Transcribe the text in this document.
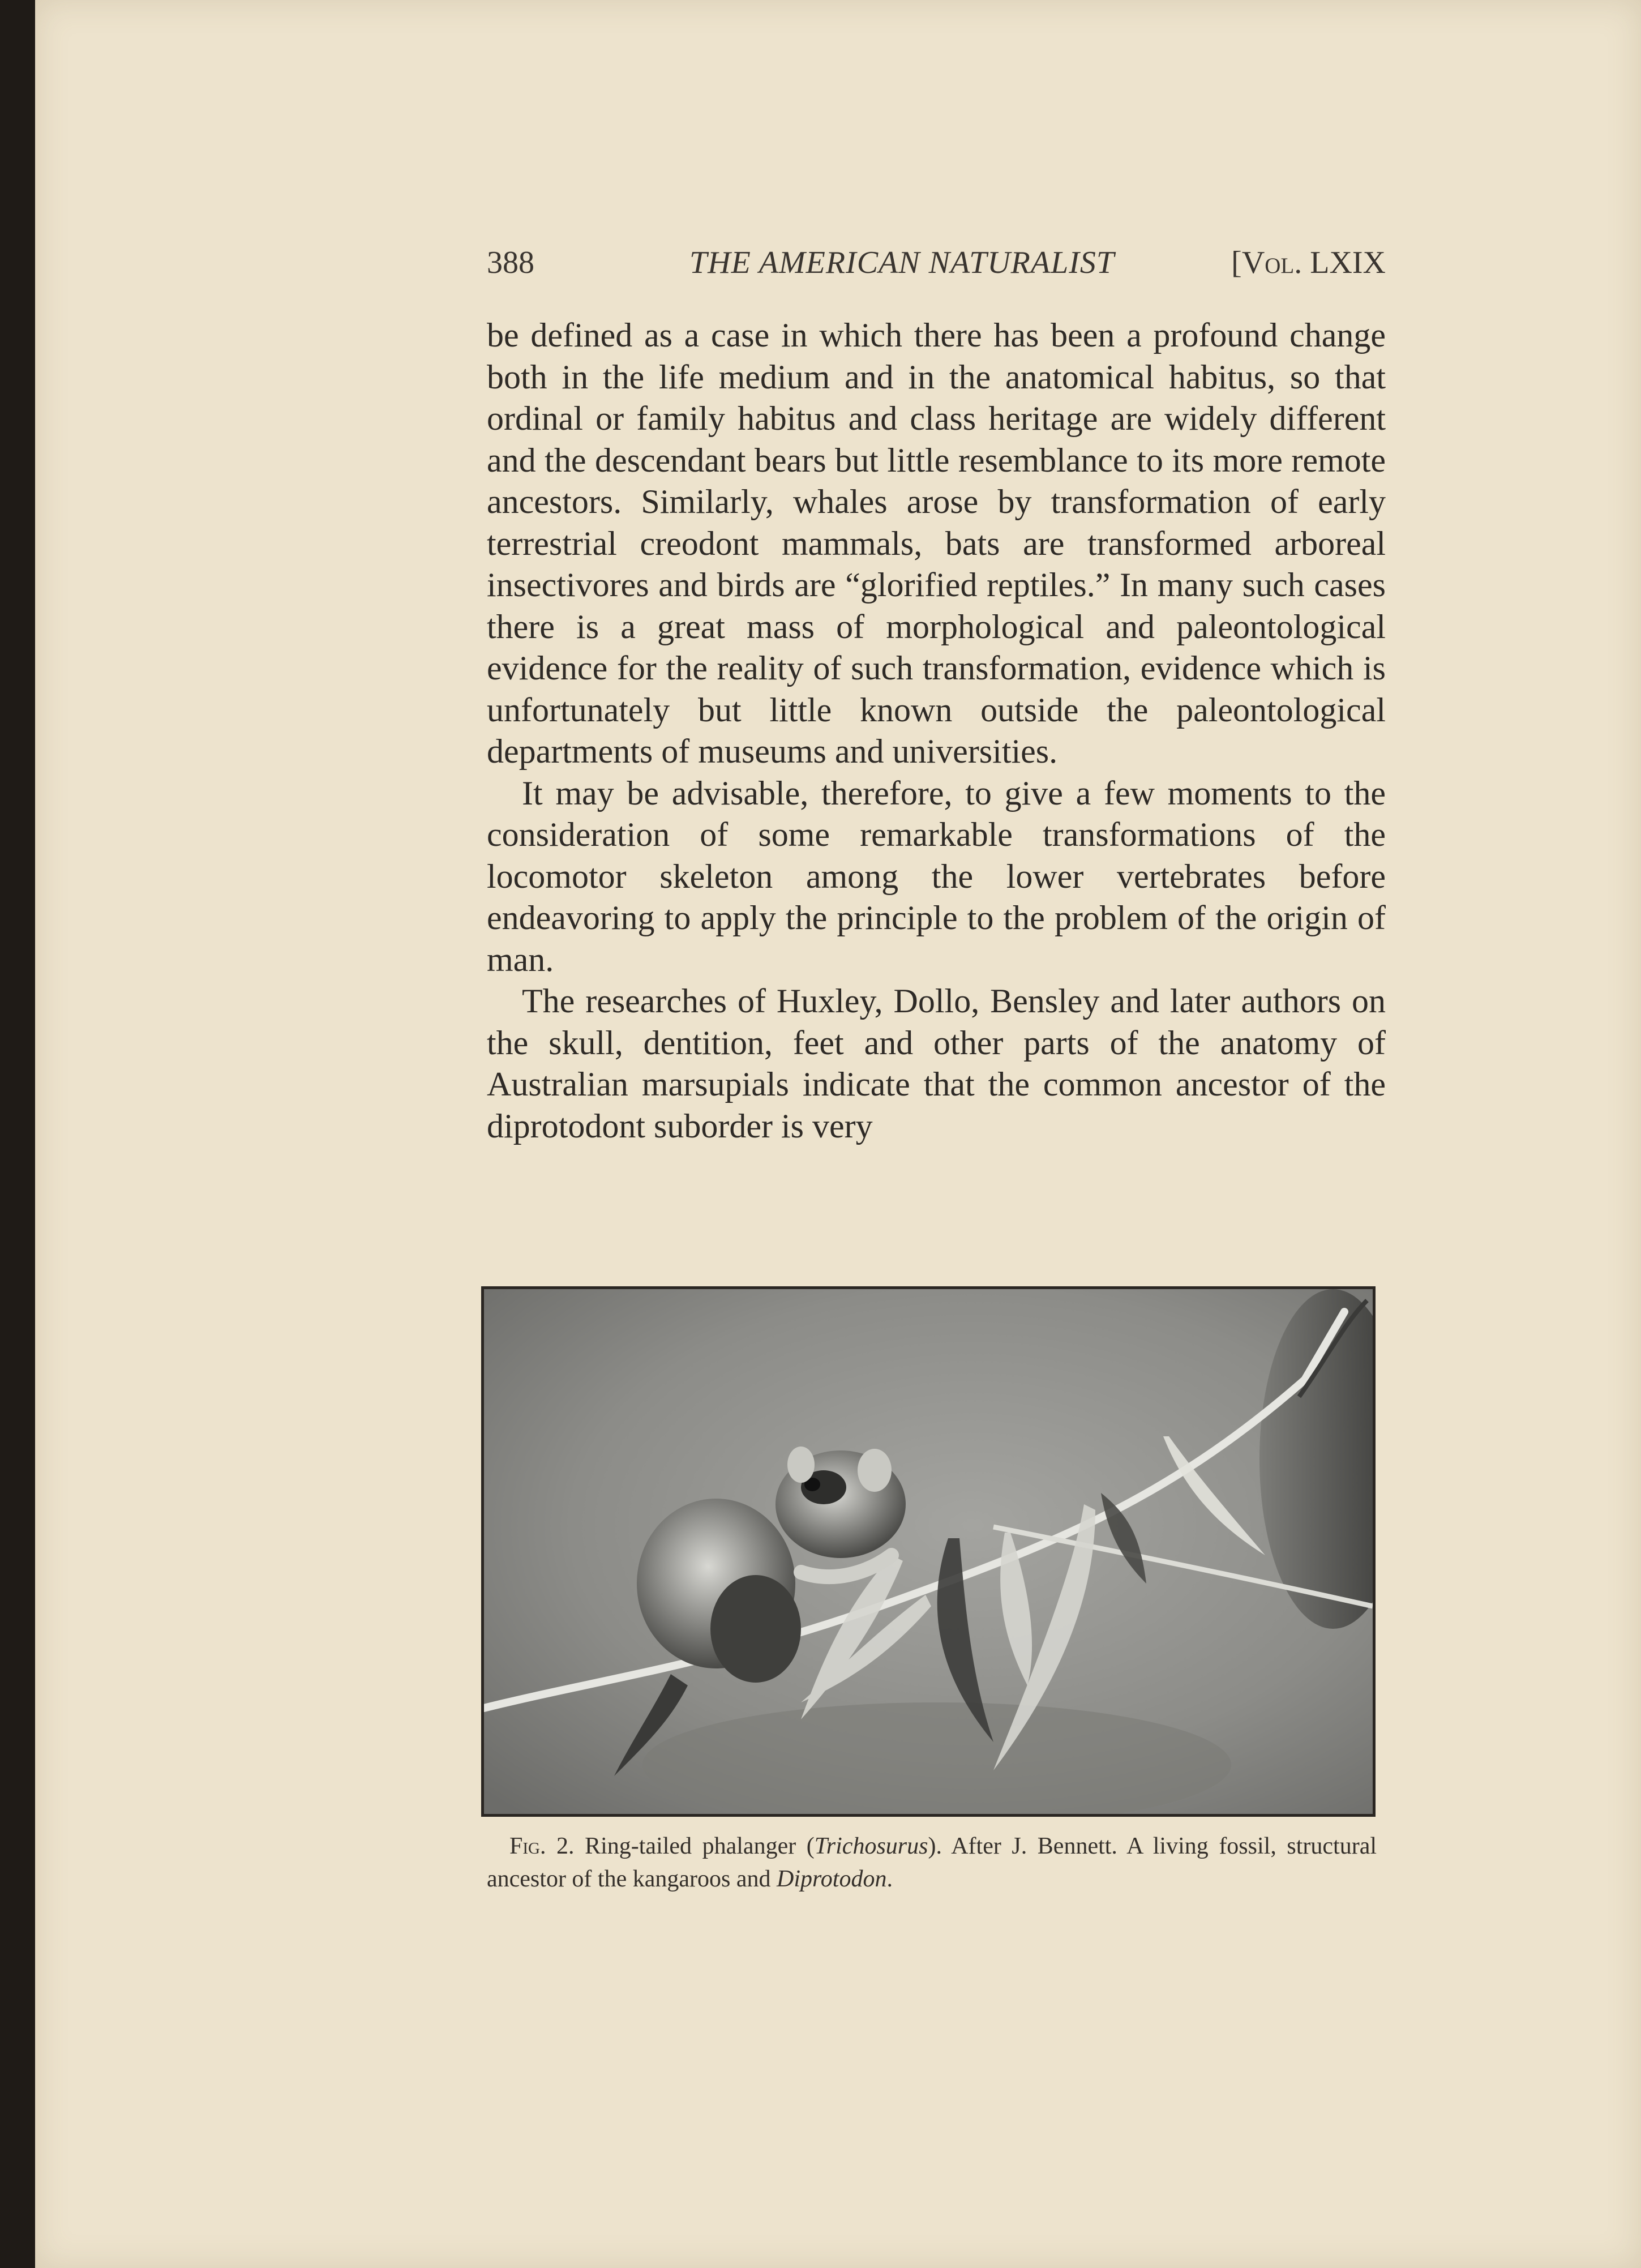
388	THE AMERICAN NATURALIST	[Vol. LXIX

be defined as a case in which there has been a profound change both in the life medium and in the anatomical habitus, so that ordinal or family habitus and class heritage are widely different and the descendant bears but little resemblance to its more remote ancestors. Similarly, whales arose by transformation of early terrestrial creodont mammals, bats are transformed arboreal insectivores and birds are “glorified reptiles.” In many such cases there is a great mass of morphological and paleontological evidence for the reality of such transformation, evidence which is unfortunately but little known outside the paleontological departments of museums and universities.

It may be advisable, therefore, to give a few moments to the consideration of some remarkable transformations of the locomotor skeleton among the lower vertebrates before endeavoring to apply the principle to the problem of the origin of man.

The researches of Huxley, Dollo, Bensley and later authors on the skull, dentition, feet and other parts of the anatomy of Australian marsupials indicate that the common ancestor of the diprotodont suborder is very

Fig. 2. Ring-tailed phalanger (Trichosurus). After J. Bennett. A living fossil, structural ancestor of the kangaroos and Diprotodon.
